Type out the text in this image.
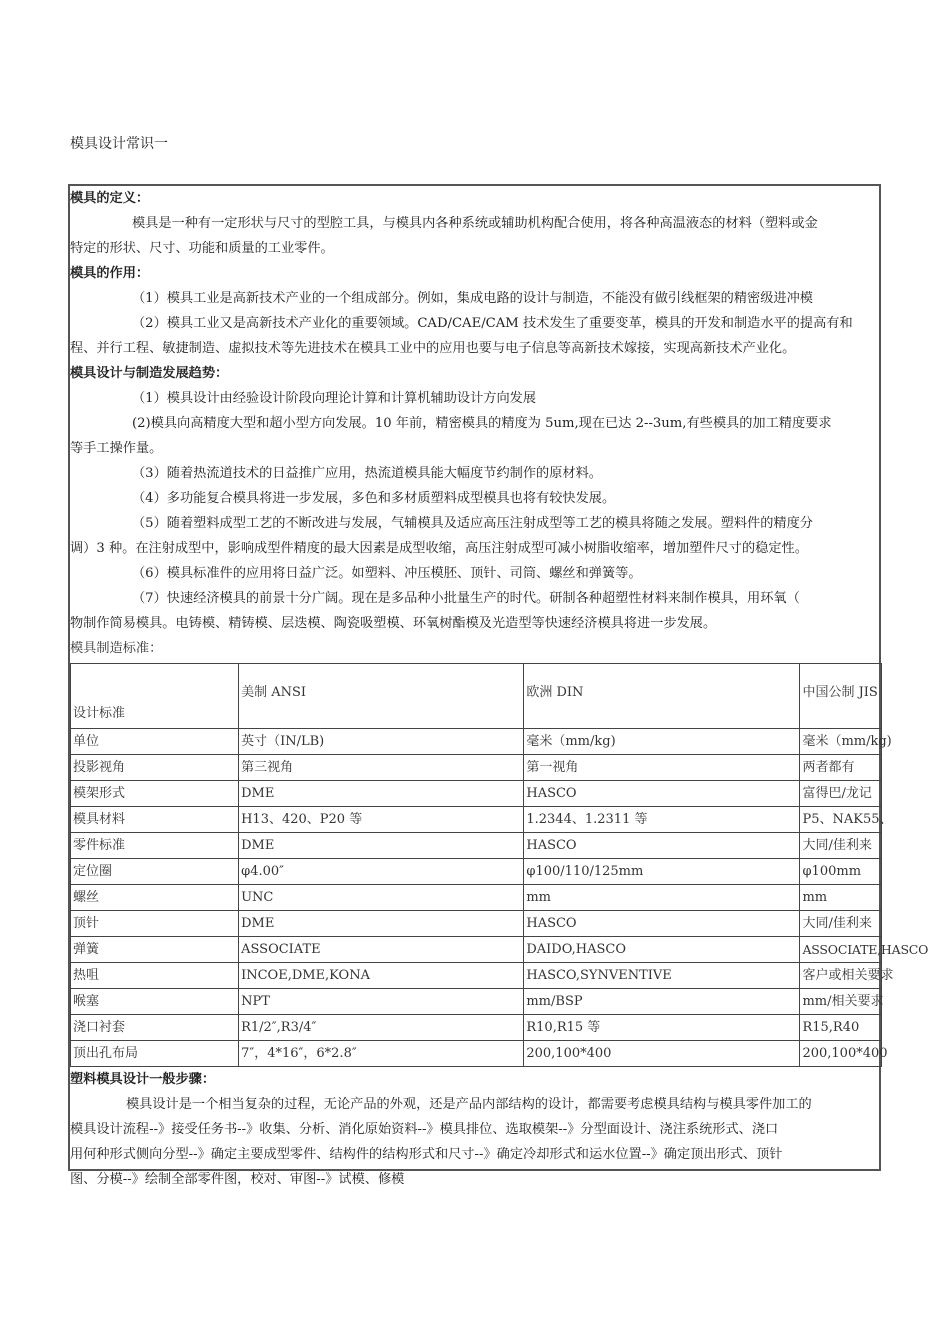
模具设计常识一

模具的定义：

模具是一种有一定形状与尺寸的型腔工具，与模具内各种系统或辅助机构配合使用，将各种高温液态的材料（塑料或金

特定的形状、尺寸、功能和质量的工业零件。

模具的作用：

（1）模具工业是高新技术产业的一个组成部分。例如，集成电路的设计与制造，不能没有做引线框架的精密级进冲模

（2）模具工业又是高新技术产业化的重要领域。CAD/CAE/CAM 技术发生了重要变革，模具的开发和制造水平的提高有和

程、并行工程、敏捷制造、虚拟技术等先进技术在模具工业中的应用也要与电子信息等高新技术嫁接，实现高新技术产业化。

模具设计与制造发展趋势：

（1）模具设计由经验设计阶段向理论计算和计算机辅助设计方向发展

(2)模具向高精度大型和超小型方向发展。10 年前，精密模具的精度为 5um,现在已达 2--3um,有些模具的加工精度要求

等手工操作量。

（3）随着热流道技术的日益推广应用，热流道模具能大幅度节约制作的原材料。

（4）多功能复合模具将进一步发展，多色和多材质塑料成型模具也将有较快发展。

（5）随着塑料成型工艺的不断改进与发展，气辅模具及适应高压注射成型等工艺的模具将随之发展。塑料件的精度分

调）3 种。在注射成型中，影响成型件精度的最大因素是成型收缩，高压注射成型可减小树脂收缩率，增加塑件尺寸的稳定性。

（6）模具标准件的应用将日益广泛。如塑料、冲压模胚、顶针、司筒、螺丝和弹簧等。

（7）快速经济模具的前景十分广阔。现在是多品种小批量生产的时代。研制各种超塑性材料来制作模具，用环氧（

物制作简易模具。电铸模、精铸模、层迭模、陶瓷吸塑模、环氧树酯模及光造型等快速经济模具将进一步发展。

模具制造标准：

设计标准	美制 ANSI	欧洲 DIN	中国公制 JIS
单位	英寸（IN/LB)	毫米（mm/kg)	毫米（mm/kg)
投影视角	第三视角	第一视角	两者都有
模架形式	DME	HASCO	富得巴/龙记
模具材料	H13、420、P20 等	1.2344、1.2311 等	P5、NAK55、
零件标准	DME	HASCO	大同/佳利来
定位圈	φ4.00″	φ100/110/125mm	φ100mm
螺丝	UNC	mm	mm
顶针	DME	HASCO	大同/佳利来
弹簧	ASSOCIATE	DAIDO,HASCO	ASSOCIATE,HASCO
热咀	INCOE,DME,KONA	HASCO,SYNVENTIVE	客户或相关要求
喉塞	NPT	mm/BSP	mm/相关要求
浇口衬套	R1/2″,R3/4″	R10,R15 等	R15,R40
顶出孔布局	7″，4*16″，6*2.8″	200,100*400	200,100*400

塑料模具设计一般步骤：

模具设计是一个相当复杂的过程，无论产品的外观，还是产品内部结构的设计，都需要考虑模具结构与模具零件加工的

模具设计流程--》接受任务书--》收集、分析、消化原始资料--》模具排位、选取模架--》分型面设计、浇注系统形式、浇口

用何种形式侧向分型--》确定主要成型零件、结构件的结构形式和尺寸--》确定冷却形式和运水位置--》确定顶出形式、顶针

图、分模--》绘制全部零件图，校对、审图--》试模、修模
